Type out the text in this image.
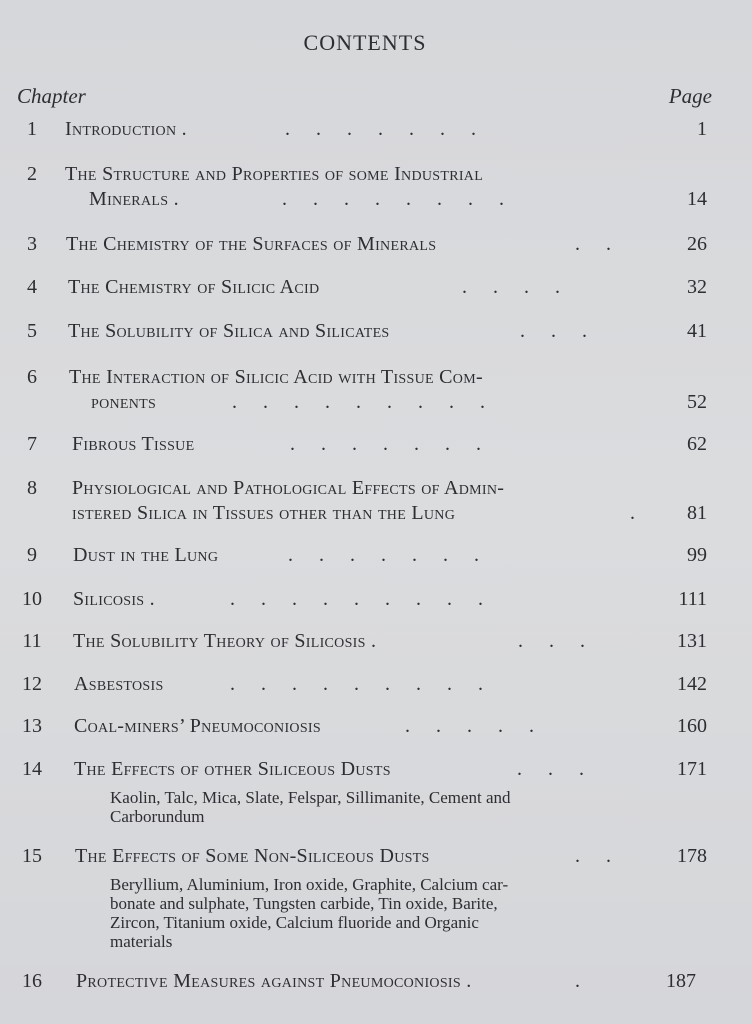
CONTENTS
Chapter	Page
1	Introduction .	.......	1
2	The Structure and Properties of some Industrial
Minerals .	........	14
3	The Chemistry of the Surfaces of Minerals	..	26
4	The Chemistry of Silicic Acid	....	32
5	The Solubility of Silica and Silicates	...	41
6	The Interaction of Silicic Acid with Tissue Com-
ponents	.........	52
7	Fibrous Tissue	.......	62
8	Physiological and Pathological Effects of Admin-
istered Silica in Tissues other than the Lung	. 81
9	Dust in the Lung	.......	99
10	Silicosis .	.........	111
11	The Solubility Theory of Silicosis .	...	131
12	Asbestosis	.........	142
13	Coal-miners’ Pneumoconiosis	.....	160
14	The Effects of other Siliceous Dusts	...	171
Kaolin, Talc, Mica, Slate, Felspar, Sillimanite, Cement and
Carborundum
15	The Effects of Some Non-Siliceous Dusts	.. 178
Beryllium, Aluminium, Iron oxide, Graphite, Calcium car-
bonate and sulphate, Tungsten carbide, Tin oxide, Barite,
Zircon, Titanium oxide, Calcium fluoride and Organic
materials
16	Protective Measures against Pneumoconiosis .	.	187
